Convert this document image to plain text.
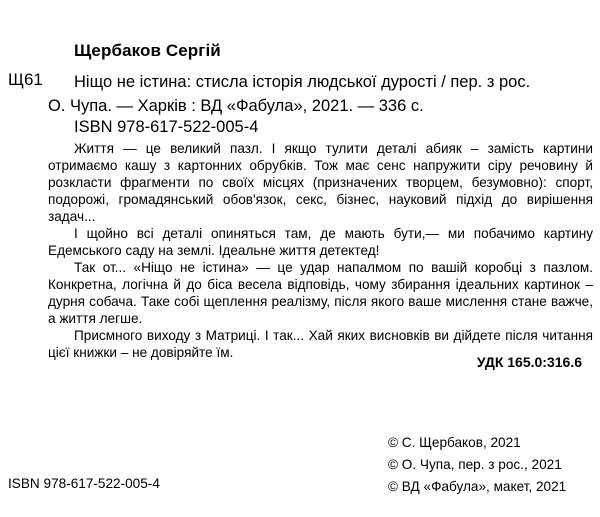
Щербаков Сергій
Щ61 Ніщо не істина: стисла історія людської дурості / пер. з рос.
О. Чупа. — Харків : ВД «Фабула», 2021. — 336 с.
ISBN 978-617-522-005-4

Життя — це великий пазл. І якщо тулити деталі абияк – замість картини отримаємо кашу з картонних обрубків. Тож має сенс напружити сіру речовину й розкласти фрагменти по своїх місцях (призначених творцем, безумовно): спорт, подорожі, громадянський обов'язок, секс, бізнес, науковий підхід до вирішення задач...

І щойно всі деталі опиняться там, де мають бути,— ми побачимо картину Едемського саду на землі. Ідеальне життя детектед!

Так от... «Ніщо не істина» — це удар напалмом по вашій коробці з пазлом. Конкретна, логічна й до біса весела відповідь, чому збирання ідеальних картинок – дурня собача. Таке собі щеплення реалізму, після якого ваше мислення стане важче, а життя легше.

Присмного виходу з Матриці. І так... Хай яких висновків ви дійдете після читання цієї книжки – не довіряйте їм.

УДК 165.0:316.6
© С. Щербаков, 2021
© О. Чупа, пер. з рос., 2021
© ВД «Фабула», макет, 2021
ISBN 978-617-522-005-4
